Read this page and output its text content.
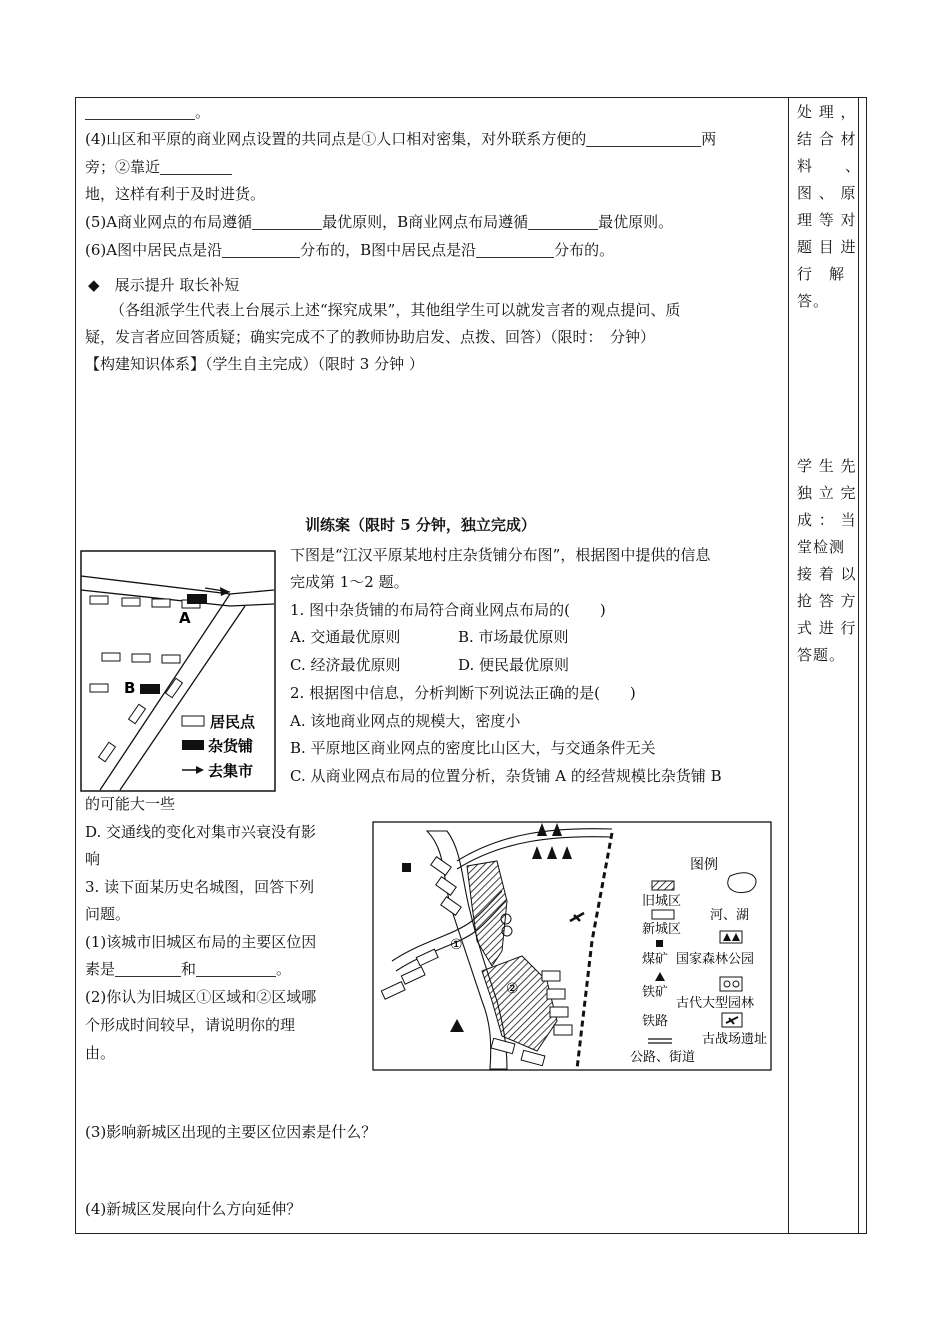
。
(4)山区和平原的商业网点设置的共同点是①人口相对密集，对外联系方便的	两
旁；②靠近
地，这样有利于及时进货。
(5)A商业网点的布局遵循	最优原则，B商业网点布局遵循	最优原则。
(6)A图中居民点是沿	分布的，B图中居民点是沿	分布的。
◆　 展示提升 取长补短
（各组派学生代表上台展示上述“探究成果”，其他组学生可以就发言者的观点提问、质
疑，发言者应回答质疑；确实完成不了的教师协助启发、点拨、回答）（限时：　分钟）
【构建知识体系】（学生自主完成）（限时 3 分钟 ）
处 理 ，
结 合 材
料　　、
图 、 原
理 等 对
题 目 进
行　解
答。
学 生 先
独 立 完
成 ： 当
堂检测
接 着 以
抢 答 方
式 进 行
答题。
训练案（限时 5 分钟，独立完成）
A
B
居民点
杂货铺
去集市
下图是“江汉平原某地村庄杂货铺分布图”，根据图中提供的信息
完成第 1～2 题。
1. 图中杂货铺的布局符合商业网点布局的(　　)
A. 交通最优原则	B. 市场最优原则
C. 经济最优原则	D. 便民最优原则
2. 根据图中信息，分析判断下列说法正确的是(　　)
A. 该地商业网点的规模大，密度小
B. 平原地区商业网点的密度比山区大，与交通条件无关
C. 从商业网点布局的位置分析，杂货铺 A 的经营规模比杂货铺 B
的可能大一些
D. 交通线的变化对集市兴衰没有影
响
3. 读下面某历史名城图，回答下列
问题。
(1)该城市旧城区布局的主要区位因
素是	和	。
(2)你认为旧城区①区域和②区域哪
个形成时间较早，请说明你的理
由。
(3)影响新城区出现的主要区位因素是什么？
(4)新城区发展向什么方向延伸？
①
②
图例
旧城区
新城区
煤矿
铁矿
铁路
公路、街道
河、湖
国家森林公园
古代大型园林
古战场遗址
